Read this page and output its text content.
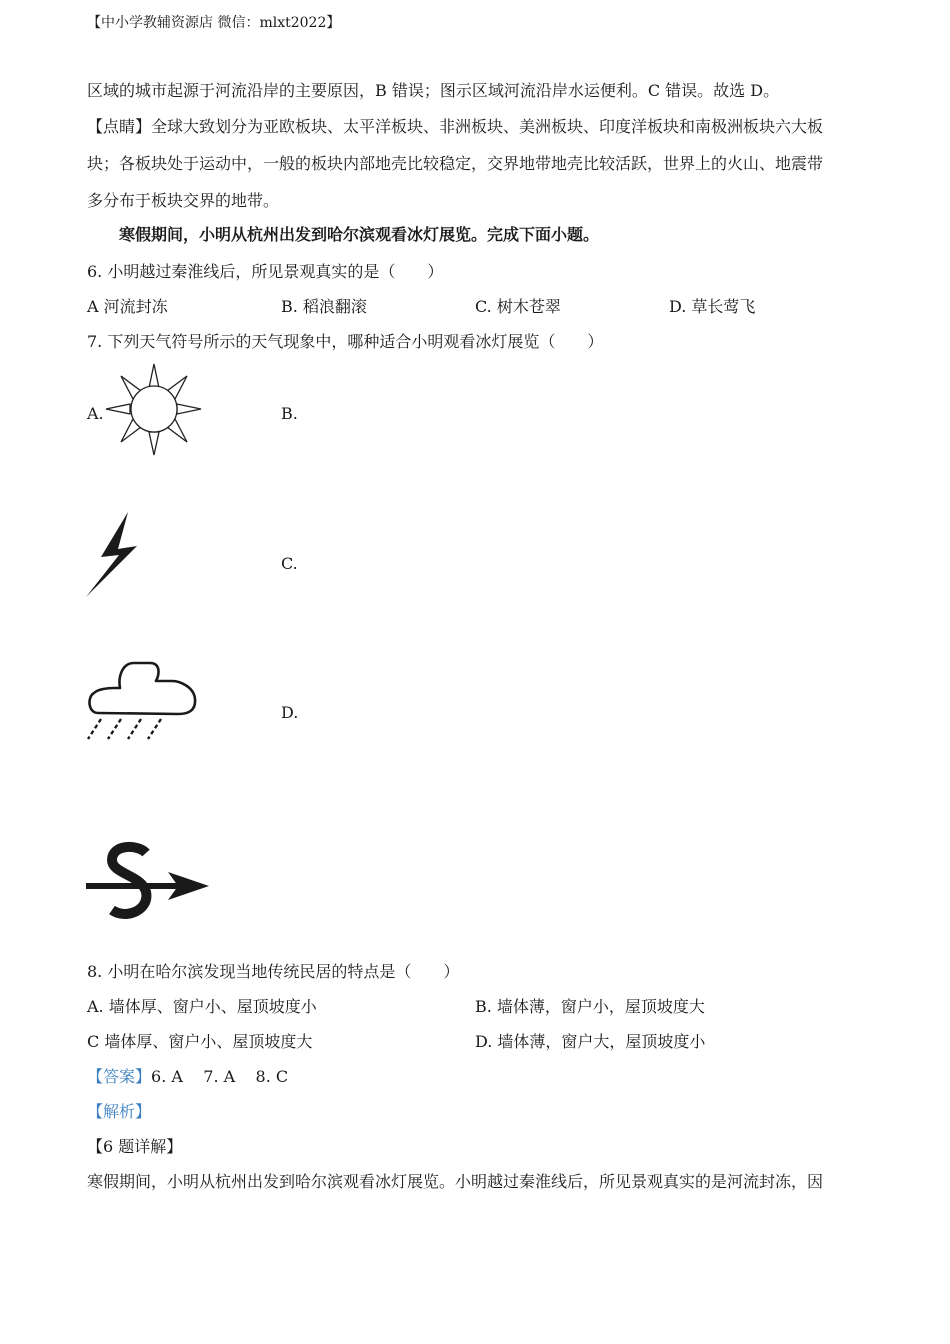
【中小学教辅资源店 微信：mlxt2022】
区域的城市起源于河流沿岸的主要原因，B 错误；图示区域河流沿岸水运便利。C 错误。故选 D。
【点睛】全球大致划分为亚欧板块、太平洋板块、非洲板块、美洲板块、印度洋板块和南极洲板块六大板
块；各板块处于运动中，一般的板块内部地壳比较稳定，交界地带地壳比较活跃，世界上的火山、地震带
多分布于板块交界的地带。
寒假期间，小明从杭州出发到哈尔滨观看冰灯展览。完成下面小题。
6. 小明越过秦淮线后，所见景观真实的是（　　）
A 河流封冻	B. 稻浪翻滚	C. 树木苍翠	D. 草长莺飞
7. 下列天气符号所示的天气现象中，哪种适合小明观看冰灯展览（　　）
A.	B.
C.
D.
8. 小明在哈尔滨发现当地传统民居的特点是（　　）
A. 墙体厚、窗户小、屋顶坡度小	B. 墙体薄，窗户小，屋顶坡度大
C 墙体厚、窗户小、屋顶坡度大	D. 墙体薄，窗户大，屋顶坡度小
【答案】6. A    7. A    8. C
【解析】
【6 题详解】
寒假期间，小明从杭州出发到哈尔滨观看冰灯展览。小明越过秦淮线后，所见景观真实的是河流封冻，因
